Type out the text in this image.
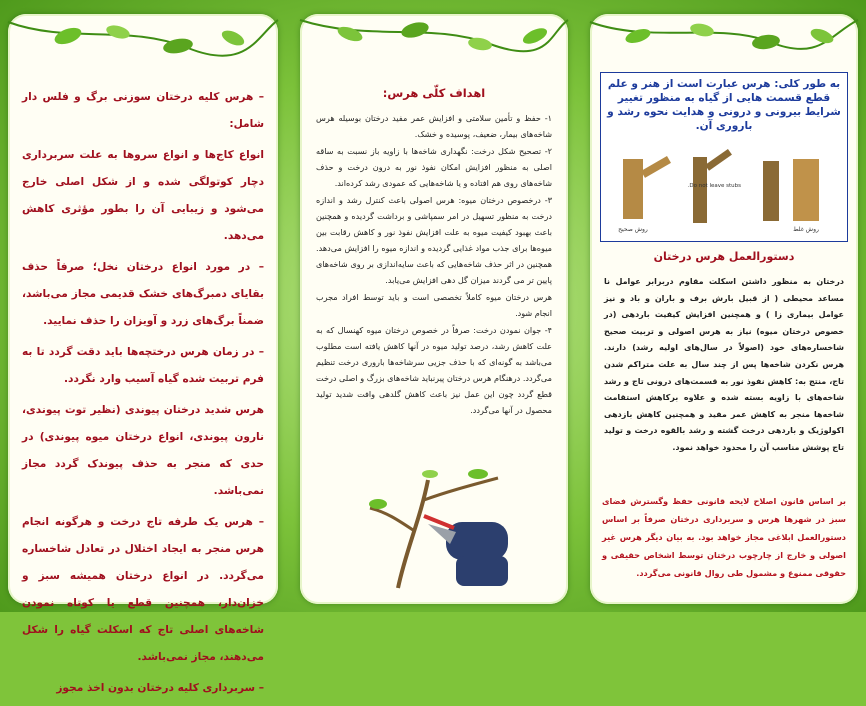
– هرس کلیه درختان سوزنی برگ و فلس دار شامل:

انواع کاج‌ها و انواع سروها به علت سربرداری دچار کوتولگی شده و از شکل اصلی خارج می‌شود و زیبایی آن را بطور مؤثری کاهش می‌دهد.

– در مورد انواع درختان نخل؛ صرفاً حذف بقایای دمبرگ‌های خشک قدیمی مجاز می‌باشد، ضمناً برگ‌های زرد و آویزان را حذف نمایید.

– در زمان هرس درختچه‌ها باید دقت گردد تا به فرم تربیت شده گیاه آسیب وارد نگردد.

هرس شدید درختان پیوندی (نظیر توت پیوندی، نارون پیوندی، انواع درختان میوه پیوندی) در حدی که منجر به حذف پیوندک گردد مجاز نمی‌باشد.

– هرس یک طرفه تاج درخت و هرگونه انجام هرس منجر به ایجاد اختلال در تعادل شاخساره می‌گردد. در انواع درختان همیشه سبز و خزان‌دار، همچنین قطع یا کوتاه نمودن شاخه‌های اصلی تاج که اسکلت گیاه را شکل می‌دهند، مجاز نمی‌باشد.

– سربرداری کلیه درختان بدون اخذ مجوز

اهداف کلّی هرس:

۱- حفظ و تأمین سلامتی و افزایش عمر مفید درختان بوسیله هرس شاخه‌های بیمار، ضعیف، پوسیده و خشک.

۲- تصحیح شکل درخت: نگهداری شاخه‌ها با زاویه باز نسبت به ساقه اصلی به منظور افزایش امکان نفوذ نور به درون درخت و حذف شاخه‌های روی هم افتاده و یا شاخه‌هایی که عمودی رشد کرده‌اند.

۳- درخصوص درختان میوه: هرس اصولی باعث کنترل رشد و اندازه درخت به منظور تسهیل در امر سمپاشی و برداشت گردیده و همچنین باعث بهبود کیفیت میوه به علت افزایش نفوذ نور و کاهش رقابت بین میوه‌ها برای جذب مواد غذایی گردیده و اندازه میوه را افزایش می‌دهد. همچنین در اثر حذف شاخه‌هایی که باعث سایه‌اندازی بر روی شاخه‌های پایین تر می گردند میزان گل دهی افزایش می‌یابد.

هرس درختان میوه کاملاً تخصصی است و باید توسط افراد مجرب انجام شود.

۴- جوان نمودن درخت: صرفاً در خصوص درختان میوه کهنسال که به علت کاهش رشد، درصد تولید میوه در آنها کاهش یافته است مطلوب می‌باشد به گونه‌ای که با حذف جزیی سرشاخه‌ها باروری درخت تنظیم می‌گردد. درهنگام هرس درختان پیرنباید شاخه‌های بزرگ و اصلی درخت قطع گردد چون این عمل نیز باعث کاهش گلدهی وافت شدید تولید محصول در آنها می‌گردد.

به طور کلی: هرس عبارت است از هنر و علم قطع قسمت هایی از گیاه به منظور تغییر شرایط بیرونی و درونی و هدایت نحوه رشد و باروری آن.
روش صحیح
Do not leave stubs.
روش غلط
دستورالعمل هرس درختان
درختان به منظور داشتن اسکلت مقاوم دربرابر عوامل نا مساعد محیطی ( از قبیل بارش برف و باران و باد و نیز عوامل بیماری زا ) و همچنین افزایش کیفیت باردهی (در خصوص درختان میوه) نیاز به هرس اصولی و تربیت صحیح شاخساره‌های خود (اصولاً در سال‌های اولیه رشد) دارند. هرس نکردن شاخه‌ها پس از چند سال به علت متراکم شدن تاج، منتج به: کاهش نفوذ نور به قسمت‌های درونی تاج و رشد شاخه‌های با زاویه بسته شده و علاوه برکاهش استقامت شاخه‌ها منجر به کاهش عمر مفید و همچنین کاهش بازدهی اکولوژیک و باردهی درخت گشته و رشد بالقوه درخت و تولید تاج پوشش مناسب آن را محدود خواهد نمود.
بر اساس قانون اصلاح لایحه قانونی حفظ وگسترش فضای سبز در شهرها هرس و سربرداری درختان صرفاً بر اساس دستورالعمل ابلاغی مجاز خواهد بود. به بیان دیگر هرس غیر اصولی و خارج از چارچوب درختان توسط اشخاص حقیقی و حقوقی ممنوع و مشمول طی روال قانونی می‌گردد.
